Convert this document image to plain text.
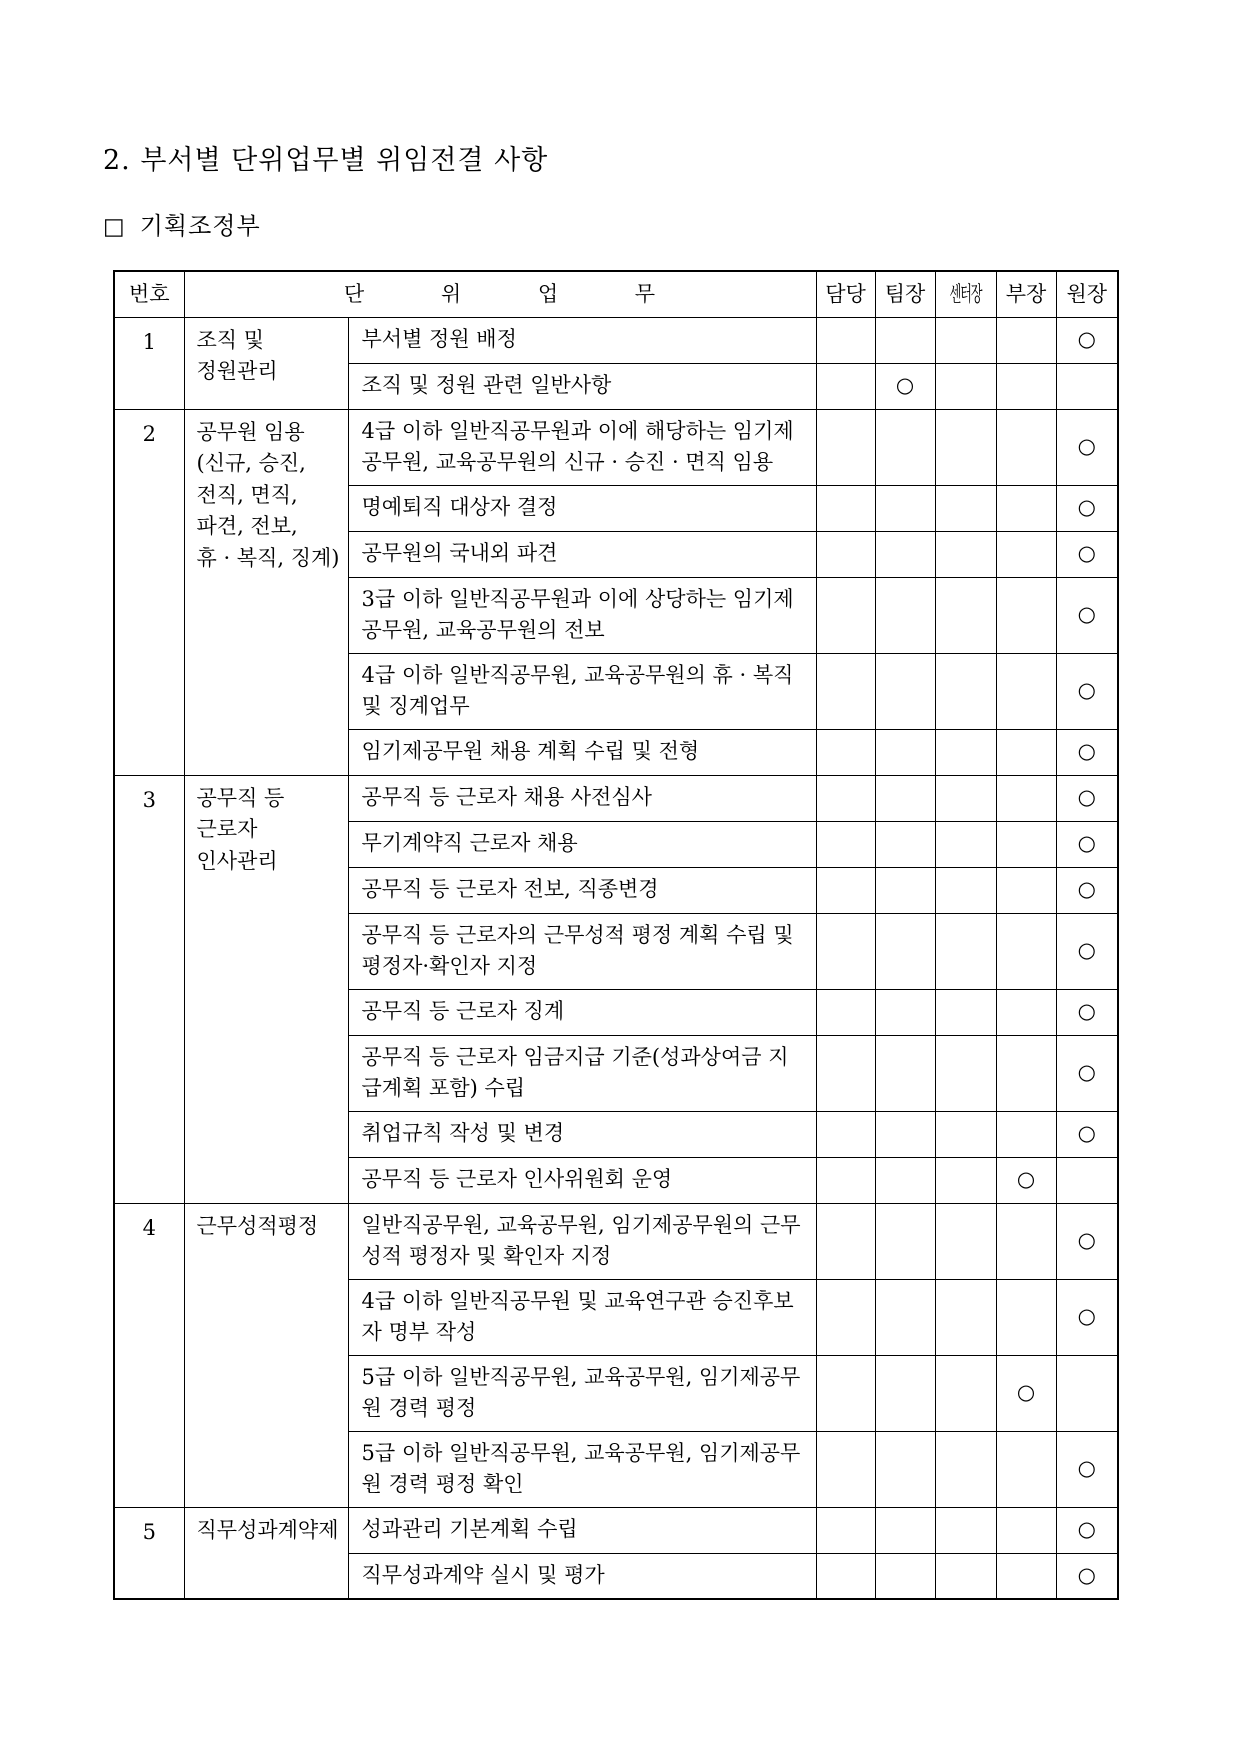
2. 부서별 단위업무별 위임전결 사항
□ 기획조정부
번호	단 위 업 무		담당	팀장	센터장	부장	원장
1	조직 및
정원관리	부서별 정원 배정					○
		조직 및 정원 관련 일반사항		○			
2	공무원 임용
(신규, 승진,
전직, 면직,
파견, 전보,
휴 · 복직, 징계)	4급 이하 일반직공무원과 이에 해당하는 임기제공무원, 교육공무원의 신규 · 승진 · 면직 임용					○
		명예퇴직 대상자 결정					○
		공무원의 국내외 파견					○
		3급 이하 일반직공무원과 이에 상당하는 임기제공무원, 교육공무원의 전보					○
		4급 이하 일반직공무원, 교육공무원의 휴 · 복직 및 징계업무					○
		임기제공무원 채용 계획 수립 및 전형					○
3	공무직 등
근로자
인사관리	공무직 등 근로자 채용 사전심사					○
		무기계약직 근로자 채용					○
		공무직 등 근로자 전보, 직종변경					○
		공무직 등 근로자의 근무성적 평정 계획 수립 및 평정자·확인자 지정					○
		공무직 등 근로자 징계					○
		공무직 등 근로자 임금지급 기준(성과상여금 지급계획 포함) 수립					○
		취업규칙 작성 및 변경					○
		공무직 등 근로자 인사위원회 운영				○	
4	근무성적평정	일반직공무원, 교육공무원, 임기제공무원의 근무성적 평정자 및 확인자 지정					○
		4급 이하 일반직공무원 및 교육연구관 승진후보자 명부 작성					○
		5급 이하 일반직공무원, 교육공무원, 임기제공무원 경력 평정				○	
		5급 이하 일반직공무원, 교육공무원, 임기제공무원 경력 평정 확인					○
5	직무성과계약제	성과관리 기본계획 수립					○
		직무성과계약 실시 및 평가					○
